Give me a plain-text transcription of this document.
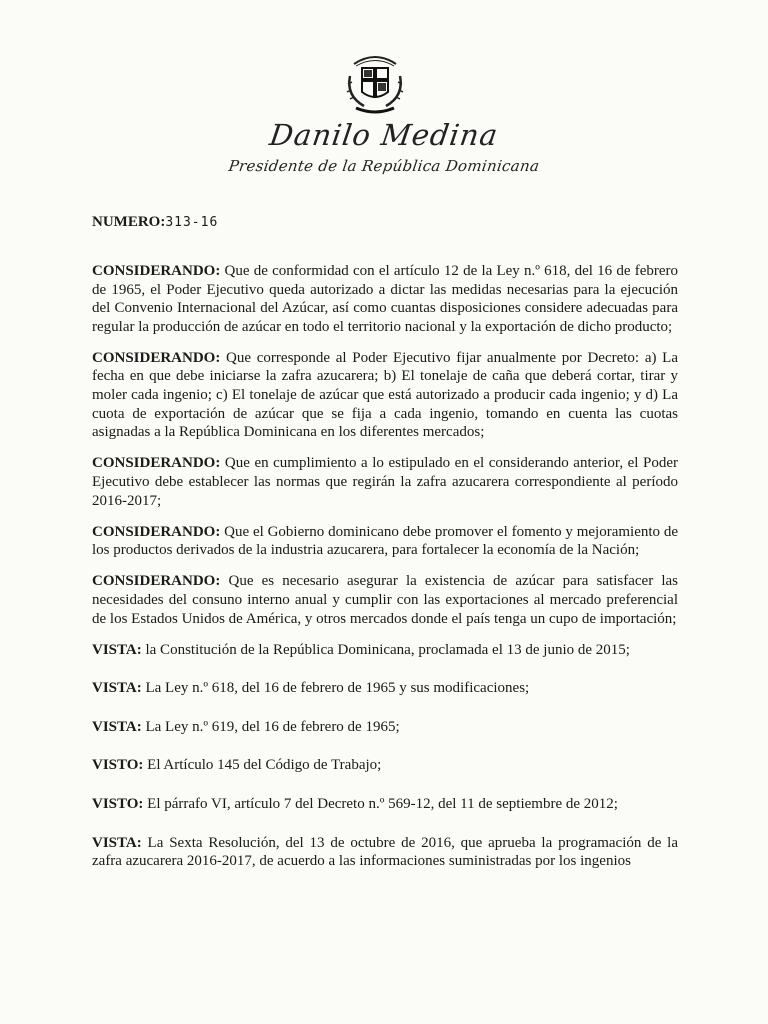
Danilo Medina
Presidente de la República Dominicana
NUMERO:313-16

CONSIDERANDO: Que de conformidad con el artículo 12 de la Ley n.º 618, del 16 de febrero de 1965, el Poder Ejecutivo queda autorizado a dictar las medidas necesarias para la ejecución del Convenio Internacional del Azúcar, así como cuantas disposiciones considere adecuadas para regular la producción de azúcar en todo el territorio nacional y la exportación de dicho producto;

CONSIDERANDO: Que corresponde al Poder Ejecutivo fijar anualmente por Decreto: a) La fecha en que debe iniciarse la zafra azucarera; b) El tonelaje de caña que deberá cortar, tirar y moler cada ingenio; c) El tonelaje de azúcar que está autorizado a producir cada ingenio; y d) La cuota de exportación de azúcar que se fija a cada ingenio, tomando en cuenta las cuotas asignadas a la República Dominicana en los diferentes mercados;

CONSIDERANDO: Que en cumplimiento a lo estipulado en el considerando anterior, el Poder Ejecutivo debe establecer las normas que regirán la zafra azucarera correspondiente al período 2016-2017;

CONSIDERANDO: Que el Gobierno dominicano debe promover el fomento y mejoramiento de los productos derivados de la industria azucarera, para fortalecer la economía de la Nación;

CONSIDERANDO: Que es necesario asegurar la existencia de azúcar para satisfacer las necesidades del consuno interno anual y cumplir con las exportaciones al mercado preferencial de los Estados Unidos de América, y otros mercados donde el país tenga un cupo de importación;

VISTA: la Constitución de la República Dominicana, proclamada el 13 de junio de 2015;

VISTA: La Ley n.º 618, del 16 de febrero de 1965 y sus modificaciones;

VISTA: La Ley n.º 619, del 16 de febrero de 1965;

VISTO: El Artículo 145 del Código de Trabajo;

VISTO: El párrafo VI, artículo 7 del Decreto n.º 569-12, del 11 de septiembre de 2012;

VISTA: La Sexta Resolución, del 13 de octubre de 2016, que aprueba la programación de la zafra azucarera 2016-2017, de acuerdo a las informaciones suministradas por los ingenios
